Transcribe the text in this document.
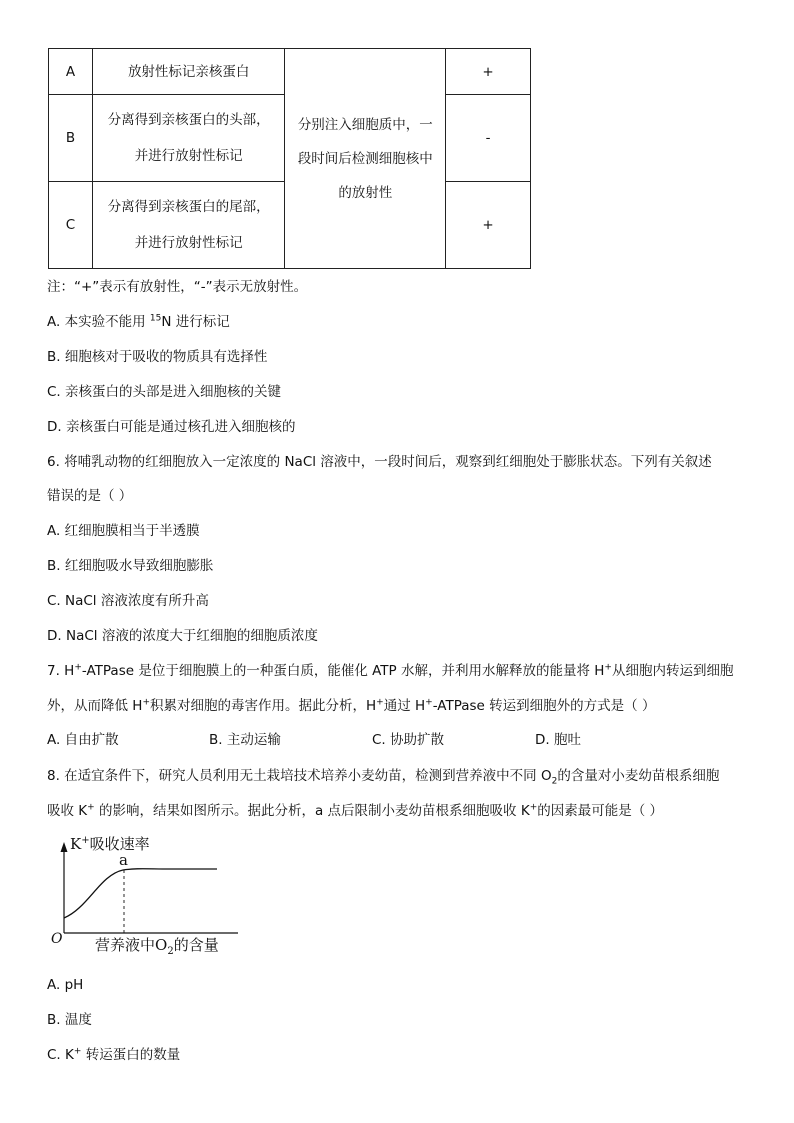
A	放射性标记亲核蛋白	分别注入细胞质中，一
段时间后检测细胞核中
的放射性	+
B	分离得到亲核蛋白的头部，
并进行放射性标记		-
C	分离得到亲核蛋白的尾部，
并进行放射性标记		+
注：“+”表示有放射性，“-”表示无放射性。
A. 本实验不能用 $^{15}$N 进行标记
B. 细胞核对于吸收的物质具有选择性
C. 亲核蛋白的头部是进入细胞核的关键
D. 亲核蛋白可能是通过核孔进入细胞核的
6. 将哺乳动物的红细胞放入一定浓度的 NaCl 溶液中，一段时间后，观察到红细胞处于膨胀状态。下列有关叙述
错误的是（ ）
A. 红细胞膜相当于半透膜
B. 红细胞吸水导致细胞膨胀
C. NaCl 溶液浓度有所升高
D. NaCl 溶液的浓度大于红细胞的细胞质浓度
7. H+-ATPase 是位于细胞膜上的一种蛋白质，能催化 ATP 水解，并利用水解释放的能量将 H+从细胞内转运到细胞
外，从而降低 H+积累对细胞的毒害作用。据此分析，H+通过 H+-ATPase 转运到细胞外的方式是（ ）
A. 自由扩散	B. 主动运输	C. 协助扩散	D. 胞吐
8. 在适宜条件下，研究人员利用无土栽培技术培养小麦幼苗，检测到营养液中不同 $O_2$的含量对小麦幼苗根系细胞
吸收 K+ 的影响，结果如图所示。据此分析，a 点后限制小麦幼苗根系细胞吸收 K+的因素最可能是（ ）
K+吸收速率
a
O 营养液中$O_2$的含量
A. pH
B. 温度
C. K+ 转运蛋白的数量
